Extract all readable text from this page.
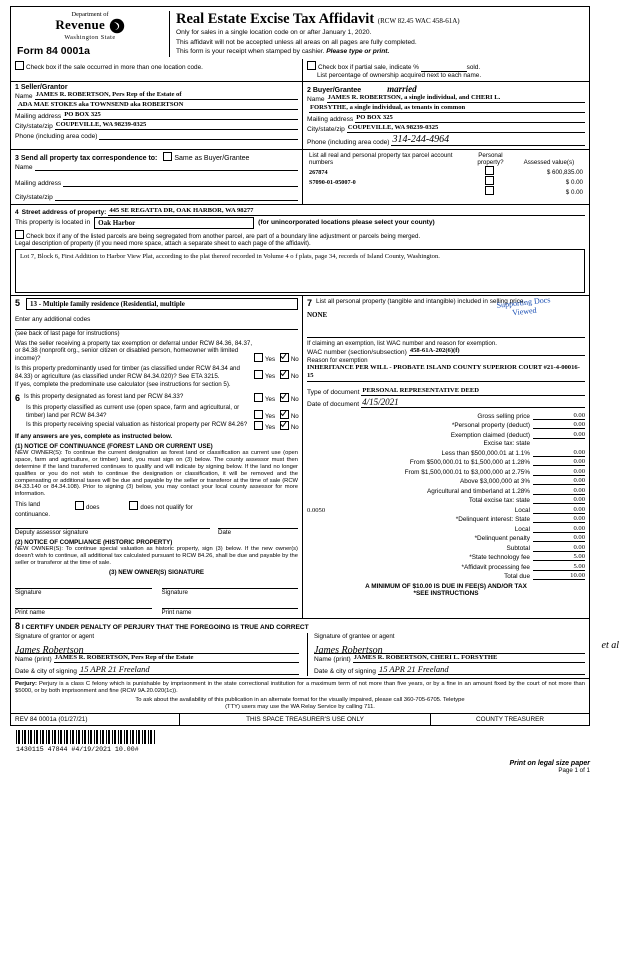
Department of
Revenue
Washington State
Form 84 0001a
Real Estate Excise Tax Affidavit (RCW 82.45 WAC 458-61A)
Only for sales in a single location code on or after January 1, 2020.
This affidavit will not be accepted unless all areas on all pages are fully completed.
This form is your receipt when stamped by cashier. Please type or print.
Check box if the sale occurred in more than one location code.	Check box if partial sale, indicate %	sold.
List percentage of ownership acquired next to each name.
1 Seller/Grantor
Name JAMES R. ROBERTSON, Pers Rep of the Estate of
ADA MAE STOKES aka TOWNSEND aka ROBERTSON
Mailing address PO BOX 325
City/state/zip COUPEVILLE, WA 98239-0325
Phone (including area code)
2 Buyer/Grantee	married
Name JAMES R. ROBERTSON, a single individual, and CHERI L.
FORSYTHE, a single individual, as tenants in common
Mailing address PO BOX 325
City/state/zip COUPEVILLE, WA 98239-0325
Phone (including area code) 314-244-4964
3 Send all property tax correspondence to: Same as Buyer/Grantee
Name
Mailing address
City/state/zip
List all real and personal property tax parcel account numbers	Personal property?	Assessed value(s)
267874		$ 600,835.00
S7090-01-05007-0		$ 0.00
		$ 0.00
4 Street address of property: 445 SE REGATTA DR, OAK HARBOR, WA 98277
This property is located in	Oak Harbor	(for unincorporated locations please select your county)
Check box if any of the listed parcels are being segregated from another parcel, are part of a boundary line adjustment or parcels being merged.
Legal description of property (if you need more space, attach a separate sheet to each page of the affidavit).
Lot 7, Block 6, First Addition to Harbor View Plat, according to the plat thereof recorded in Volume 4 o f plats, page 34, records of Island County, Washington.
5	13 - Multiple family residence (Residential, multiple
Enter any additional codes
(see back of last page for instructions)
Was the seller receiving a property tax exemption or deferral under RCW 84.36, 84.37, or 84.38 (nonprofit org., senior citizen or disabled person, homeowner with limited income)?	Yes	No
Is this property predominantly used for timber (as classified under RCW 84.34 and 84.33) or agriculture (as classified under RCW 84.34.020)? See ETA 3215.	Yes	No
If yes, complete the predominate use calculator (see instructions for section 5).
6 Is this property designated as forest land per RCW 84.33?	Yes	No
Is this property classified as current use (open space, farm and agricultural, or timber) land per RCW 84.34?	Yes	No
Is this property receiving special valuation as historical property per RCW 84.26?	Yes	No
If any answers are yes, complete as instructed below.
(1) NOTICE OF CONTINUANCE (FOREST LAND OR CURRENT USE)
NEW OWNER(S): To continue the current designation as forest land or classification as current use (open space, farm and agriculture, or timber) land, you must sign on (3) below. The county assessor must then determine if the land transferred continues to qualify and will indicate by signing below. If the land no longer qualifies or you do not wish to continue the designation or classification, it will be removed and the compensating or additional taxes will be due and payable by the seller or transferor at the time of sale (RCW 84.33.140 or 84.34.108). Prior to signing (3) below, you may contact your local county assessor for more information.
This land	does	does not qualify for
continuance.
Deputy assessor signature	Date
(2) NOTICE OF COMPLIANCE (HISTORIC PROPERTY)
NEW OWNER(S): To continue special valuation as historic property, sign (3) below. If the new owner(s) doesn't wish to continue, all additional tax calculated pursuant to RCW 84.26, shall be due and payable by the seller or transferor at the time of sale.
(3) NEW OWNER(S) SIGNATURE
Signature	Signature
Print name	Print name
7 List all personal property (tangible and intangible) included in selling price.
NONE
Supporting Docs Viewed
If claiming an exemption, list WAC number and reason for exemption.
WAC number (section/subsection) 458-61A-202(6)(f)
Reason for exemption
INHERITANCE PER WILL - PROBATE ISLAND COUNTY SUPERIOR COURT #21-4-00016-15
Type of document PERSONAL REPRESENTATIVE DEED
Date of document 4/15/2021
Gross selling price	0.00
*Personal property (deduct)	0.00
Exemption claimed (deduct)	0.00
Excise tax: state
Less than $500,000.01 at 1.1%	0.00
From $500,000.01 to $1,500,000 at 1.28%	0.00
From $1,500,000.01 to $3,000,000 at 2.75%	0.00
Above $3,000,000 at 3%	0.00
Agricultural and timberland at 1.28%	0.00
Total excise tax: state	0.00
0.0050	Local	0.00
*Delinquent interest: State	0.00
Local	0.00
*Delinquent penalty	0.00
Subtotal	0.00
*State technology fee	5.00
*Affidavit processing fee	5.00
Total due	10.00
A MINIMUM OF $10.00 IS DUE IN FEE(S) AND/OR TAX
*SEE INSTRUCTIONS
8 I CERTIFY UNDER PENALTY OF PERJURY THAT THE FOREGOING IS TRUE AND CORRECT
Signature of grantor or agent
James Robertson
Name (print) JAMES R. ROBERTSON, Pers Rep of the Estate
Date & city of signing 15 APR 21 Freeland
Signature of grantee or agent
James Robertson	et al
Name (print) JAMES R. ROBERTSON, CHERI L. FORSYTHE
Date & city of signing 15 APR 21 Freeland
Perjury: Perjury is a class C felony which is punishable by imprisonment in the state correctional institution for a maximum term of not more than five years, or by a fine in an amount fixed by the court of not more than $5000, or by both imprisonment and fine (RCW 9A.20.020(1c)).
To ask about the availability of this publication in an alternate format for the visually impaired, please call 360-705-6705. Teletype
(TTY) users may use the WA Relay Service by calling 711.
REV 84 0001a (01/27/21)	THIS SPACE TREASURER'S USE ONLY	COUNTY TREASURER
1430115 47844 #4/19/2021 10.00#
Print on legal size paper
Page 1 of 1
